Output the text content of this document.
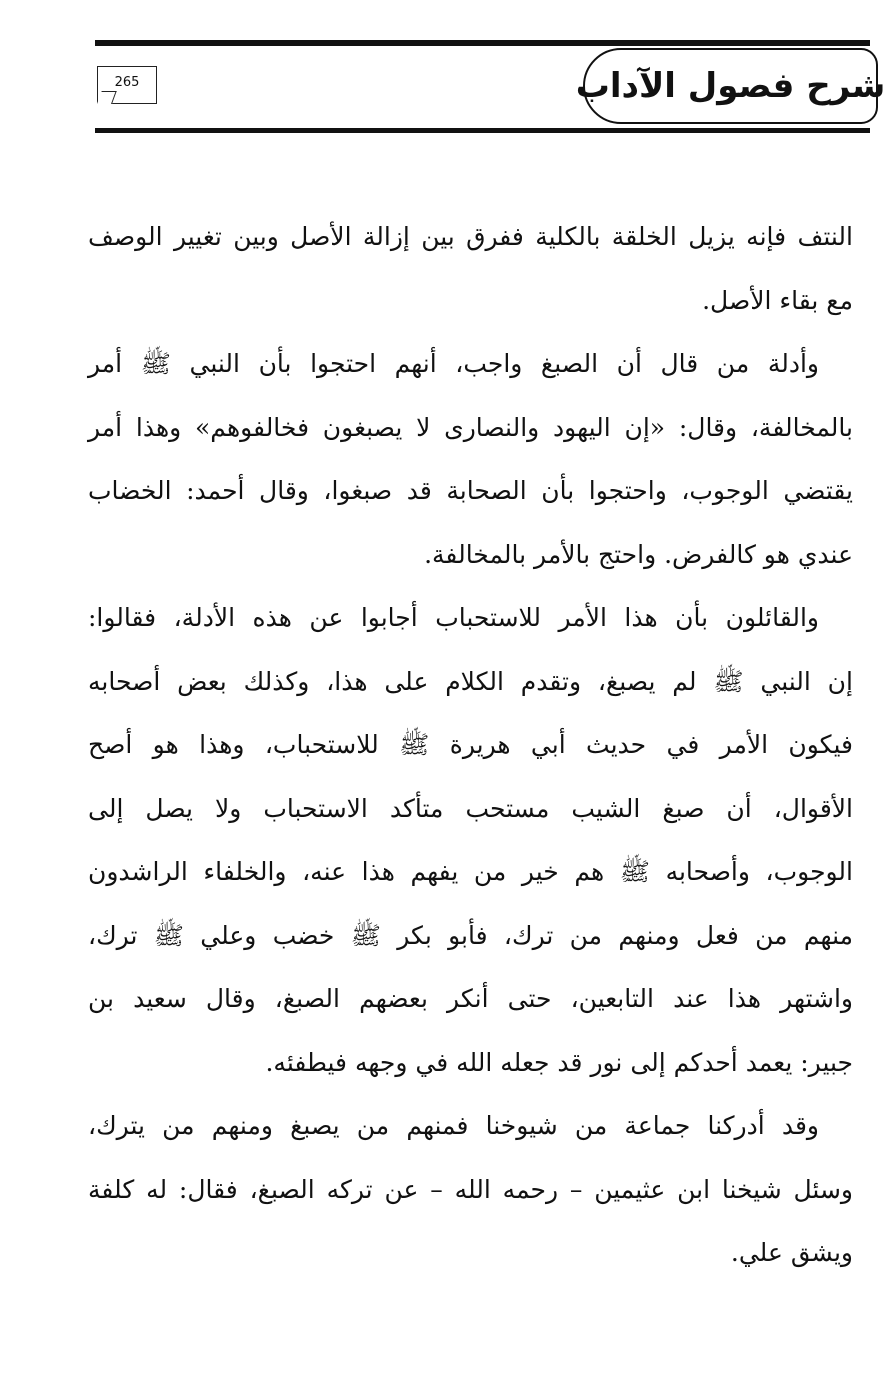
265	شرح فصول الآداب
النتف فإنه يزيل الخلقة بالكلية ففرق بين إزالة الأصل وبين تغيير الوصف
مع بقاء الأصل.
وأدلة من قال أن الصبغ واجب، أنهم احتجوا بأن النبي ﷺ أمر
بالمخالفة، وقال: «إن اليهود والنصارى لا يصبغون فخالفوهم» وهذا أمر
يقتضي الوجوب، واحتجوا بأن الصحابة قد صبغوا، وقال أحمد: الخضاب
عندي هو كالفرض. واحتج بالأمر بالمخالفة.
والقائلون بأن هذا الأمر للاستحباب أجابوا عن هذه الأدلة، فقالوا:
إن النبي ﷺ لم يصبغ، وتقدم الكلام على هذا، وكذلك بعض أصحابه
فيكون الأمر في حديث أبي هريرة ﷺ للاستحباب، وهذا هو أصح
الأقوال، أن صبغ الشيب مستحب متأكد الاستحباب ولا يصل إلى
الوجوب، وأصحابه ﷺ هم خير من يفهم هذا عنه، والخلفاء الراشدون
منهم من فعل ومنهم من ترك، فأبو بكر ﷺ خضب وعلي ﷺ ترك،
واشتهر هذا عند التابعين، حتى أنكر بعضهم الصبغ، وقال سعيد بن
جبير: يعمد أحدكم إلى نور قد جعله الله في وجهه فيطفئه.
وقد أدركنا جماعة من شيوخنا فمنهم من يصبغ ومنهم من يترك،
وسئل شيخنا ابن عثيمين – رحمه الله – عن تركه الصبغ، فقال: له كلفة
ويشق علي.
